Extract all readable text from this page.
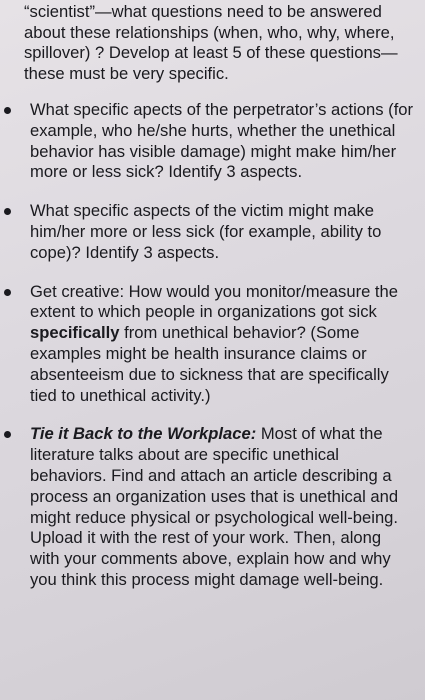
“scientist”—what questions need to be answered about these relationships (when, who, why, where, spillover) ? Develop at least 5 of these questions—these must be very specific.

What specific apects of the perpetrator’s actions (for example, who he/she hurts, whether the unethical behavior has visible damage) might make him/her more or less sick? Identify 3 aspects.

What specific aspects of the victim might make him/her more or less sick (for example, ability to cope)? Identify 3 aspects.

Get creative: How would you monitor/measure the extent to which people in organizations got sick specifically from unethical behavior? (Some examples might be health insurance claims or absenteeism due to sickness that are specifically tied to unethical activity.)

Tie it Back to the Workplace: Most of what the literature talks about are specific unethical behaviors. Find and attach an article describing a process an organization uses that is unethical and might reduce physical or psychological well-being. Upload it with the rest of your work. Then, along with your comments above, explain how and why you think this process might damage well-being.
